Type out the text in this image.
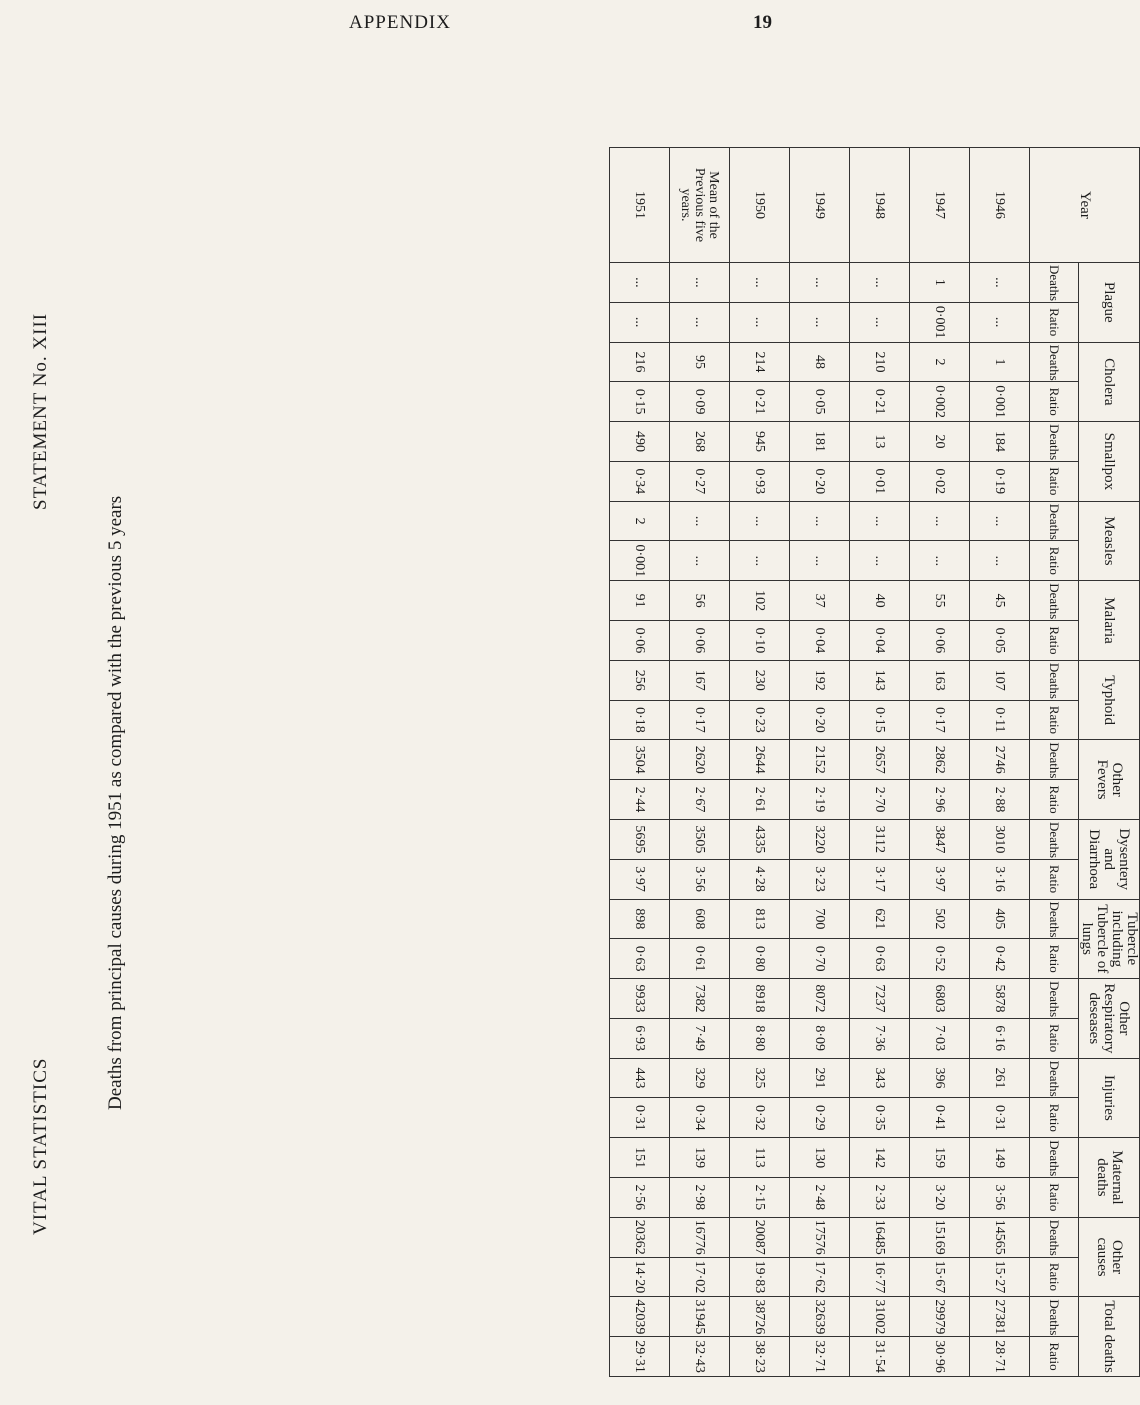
APPENDIX	19
VITAL STATISTICS
STATEMENT No. XIII
Deaths from principal causes during 1951 as compared with the previous 5 years
Year	Plague		Cholera		Smallpox		Measles		Malaria		Typhoid		Other Fevers		Dysentery and Diarrhoea		Tubercle including Tubercle of lungs		Other Respiratory deseases		Injuries		Maternal deaths		Other causes		Total deaths	
	Deaths	Ratio	Deaths	Ratio	Deaths	Ratio	Deaths	Ratio	Deaths	Ratio	Deaths	Ratio	Deaths	Ratio	Deaths	Ratio	Deaths	Ratio	Deaths	Ratio	Deaths	Ratio	Deaths	Ratio	Deaths	Ratio	Deaths	Ratio
1946	...	...	1	0·001	184	0·19	...	...	45	0·05	107	0·11	2746	2·88	3010	3·16	405	0·42	5878	6·16	261	0·31	149	3·56	14565	15·27	27381	28·71
1947	1	0·001	2	0·002	20	0·02	...	...	55	0·06	163	0·17	2862	2·96	3847	3·97	502	0·52	6803	7·03	396	0·41	159	3·20	15169	15·67	29979	30·96
1948	...	...	210	0·21	13	0·01	...	...	40	0·04	143	0·15	2657	2·70	3112	3·17	621	0·63	7237	7·36	343	0·35	142	2·33	16485	16·77	31002	31·54
1949	...	...	48	0·05	181	0·20	...	...	37	0·04	192	0·20	2152	2·19	3220	3·23	700	0·70	8072	8·09	291	0·29	130	2·48	17576	17·62	32639	32·71
1950	...	...	214	0·21	945	0·93	...	...	102	0·10	230	0·23	2644	2·61	4335	4·28	813	0·80	8918	8·80	325	0·32	113	2·15	20087	19·83	38726	38·23
Mean of the Previous five years.	...	...	95	0·09	268	0·27	...	...	56	0·06	167	0·17	2620	2·67	3505	3·56	608	0·61	7382	7·49	329	0·34	139	2·98	16776	17·02	31945	32·43
1951	...	...	216	0·15	490	0·34	2	0·001	91	0·06	256	0·18	3504	2·44	5695	3·97	898	0·63	9933	6·93	443	0·31	151	2·56	20362	14·20	42039	29·31
